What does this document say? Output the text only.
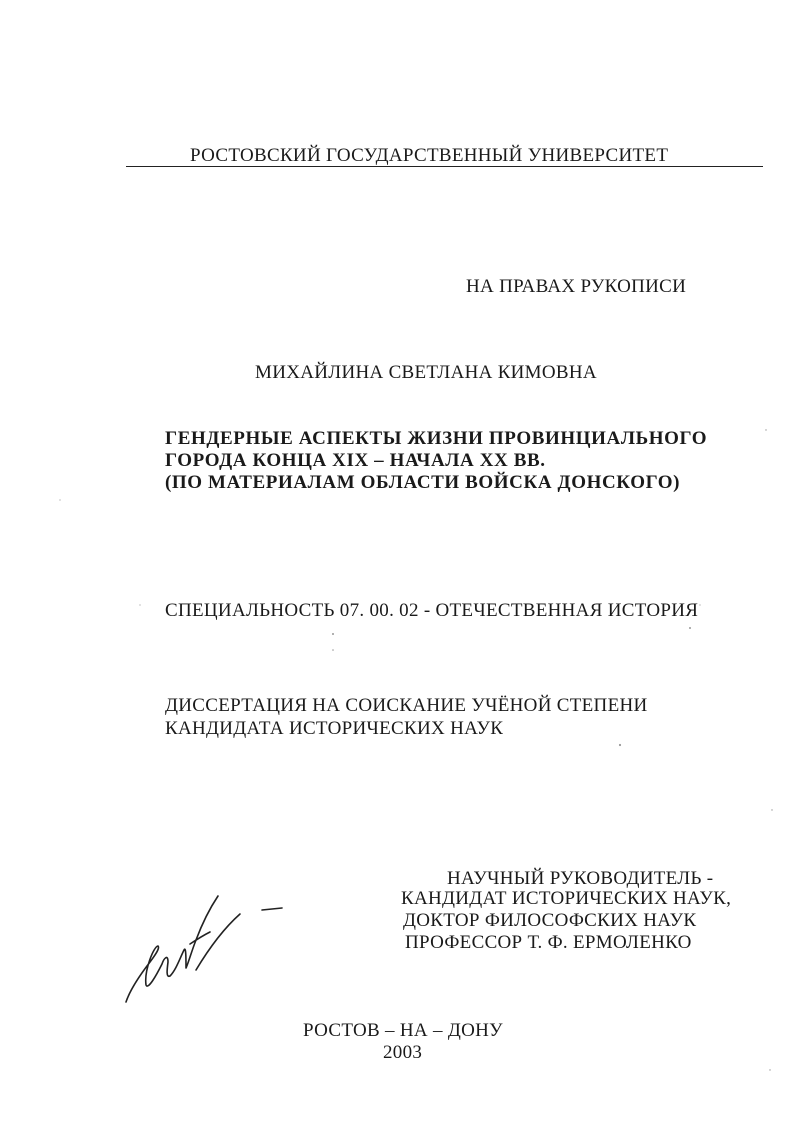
РОСТОВСКИЙ ГОСУДАРСТВЕННЫЙ УНИВЕРСИТЕТ
НА ПРАВАХ РУКОПИСИ
МИХАЙЛИНА СВЕТЛАНА КИМОВНА
ГЕНДЕРНЫЕ АСПЕКТЫ ЖИЗНИ ПРОВИНЦИАЛЬНОГО
ГОРОДА КОНЦА XIX – НАЧАЛА XX ВВ.
(ПО МАТЕРИАЛАМ ОБЛАСТИ ВОЙСКА ДОНСКОГО)
СПЕЦИАЛЬНОСТЬ 07. 00. 02 - ОТЕЧЕСТВЕННАЯ ИСТОРИЯ
ДИССЕРТАЦИЯ НА СОИСКАНИЕ УЧЁНОЙ СТЕПЕНИ
КАНДИДАТА ИСТОРИЧЕСКИХ НАУК
НАУЧНЫЙ РУКОВОДИТЕЛЬ -
КАНДИДАТ ИСТОРИЧЕСКИХ НАУК,
ДОКТОР ФИЛОСОФСКИХ НАУК
ПРОФЕССОР Т. Ф. ЕРМОЛЕНКО
РОСТОВ – НА – ДОНУ
2003
